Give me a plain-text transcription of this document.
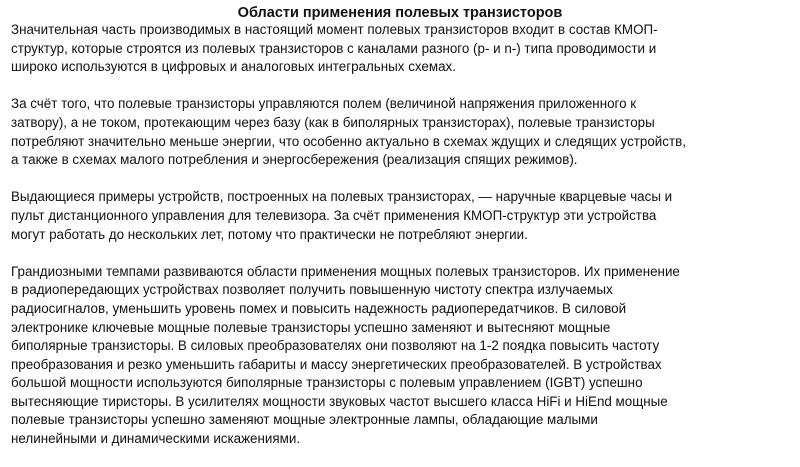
Области применения полевых транзисторов

Значительная часть производимых в настоящий момент полевых транзисторов входит в состав КМОП-
структур, которые строятся из полевых транзисторов с каналами разного (p- и n-) типа проводимости и
широко используются в цифровых и аналоговых интегральных схемах.

За счёт того, что полевые транзисторы управляются полем (величиной напряжения приложенного к
затвору), а не током, протекающим через базу (как в биполярных транзисторах), полевые транзисторы
потребляют значительно меньше энергии, что особенно актуально в схемах ждущих и следящих устройств,
а также в схемах малого потребления и энергосбережения (реализация спящих режимов).

Выдающиеся примеры устройств, построенных на полевых транзисторах, — наручные кварцевые часы и
пульт дистанционного управления для телевизора. За счёт применения КМОП-структур эти устройства
могут работать до нескольких лет, потому что практически не потребляют энергии.

Грандиозными темпами развиваются области применения мощных полевых транзисторов. Их применение
в радиопередающих устройствах позволяет получить повышенную чистоту спектра излучаемых
радиосигналов, уменьшить уровень помех и повысить надежность радиопередатчиков. В силовой
электронике ключевые мощные полевые транзисторы успешно заменяют и вытесняют мощные
биполярные транзисторы. В силовых преобразователях они позволяют на 1-2 поядка повысить частоту
преобразования и резко уменьшить габариты и массу энергетических преобразователей. В устройствах
большой мощности используются биполярные транзисторы с полевым управлением (IGBT) успешно
вытесняющие тиристоры. В усилителях мощности звуковых частот высшего класса HiFi и HiEnd мощные
полевые транзисторы успешно заменяют мощные электронные лампы, обладающие малыми
нелинейными и динамическими искажениями.
